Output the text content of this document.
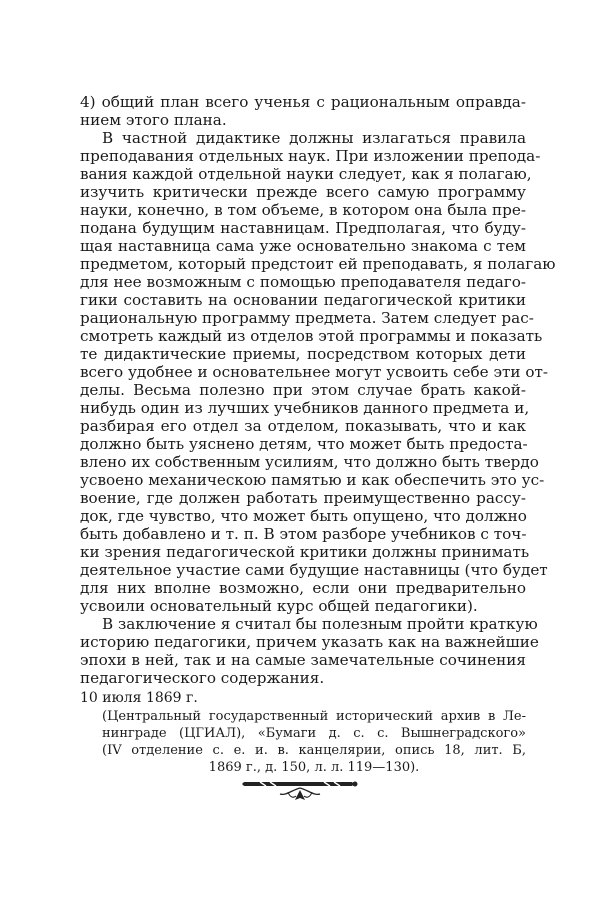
4) общий план всего ученья с рациональным оправда-
нием этого плана.
В частной дидактике должны излагаться правила
преподавания отдельных наук. При изложении препода-
вания каждой отдельной науки следует, как я полагаю,
изучить критически прежде всего самую программу
науки, конечно, в том объеме, в котором она была пре-
подана будущим наставницам. Предполагая, что буду-
щая наставница сама уже основательно знакома с тем
предметом, который предстоит ей преподавать, я полагаю
для нее возможным с помощью преподавателя педаго-
гики составить на основании педагогической критики
рациональную программу предмета. Затем следует рас-
смотреть каждый из отделов этой программы и показать
те дидактические приемы, посредством которых дети
всего удобнее и основательнее могут усвоить себе эти от-
делы. Весьма полезно при этом случае брать какой-
нибудь один из лучших учебников данного предмета и,
разбирая его отдел за отделом, показывать, что и как
должно быть уяснено детям, что может быть предоста-
влено их собственным усилиям, что должно быть твердо
усвоено механическою памятью и как обеспечить это ус-
воение, где должен работать преимущественно рассу-
док, где чувство, что может быть опущено, что должно
быть добавлено и т. п. В этом разборе учебников с точ-
ки зрения педагогической критики должны принимать
деятельное участие сами будущие наставницы (что будет
для них вполне возможно, если они предварительно
усвоили основательный курс общей педагогики).
В заключение я считал бы полезным пройти краткую
историю педагогики, причем указать как на важнейшие
эпохи в ней, так и на самые замечательные сочинения
педагогического содержания.
10 июля 1869 г.
(Центральный государственный исторический архив в Ле-
нинграде (ЦГИАЛ), «Бумаги д. с. с. Вышнеградского»
(IV отделение с. е. и. в. канцелярии, опись 18, лит. Б,
1869 г., д. 150, л. л. 119—130).
